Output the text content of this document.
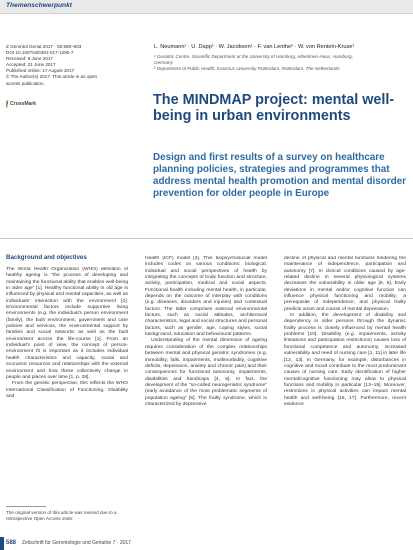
Themenschwerpunkt
Z Gerontol Geriat 2017 · 50:588–603
DOI 10.1007/s00391-017-1290-7
Received: 9 June 2017
Accepted: 21 June 2017
Published online: 17 August 2017
© The Author(s) 2017. This article is an open
access publication.
CrossMark
L. Neumann¹ · U. Dapp¹ · W. Jacobsen¹ · F. van Lenthe² · W. von Renteln-Kruse¹
¹ Geriatric Centre, Scientific Department at the University of Hamburg, Albertinen-Haus, Hamburg,
Germany
² Department of Public Health, Erasmus University Rotterdam, Rotterdam, The Netherlands
The MINDMAP project: mental well-being in urban environments
Design and first results of a survey on healthcare planning policies, strategies and programmes that address mental health promotion and mental disorder prevention for older people in Europe
Background and objectives

The World Health Organization (WHO) definition of healthy ageing is "the process of developing and maintaining the functional ability that enables well-being in older age" [1]. Healthy functional ability in old age is influenced by physical and mental capacities, as well as individuals' interaction with the environment [2]. Environmental factors include supportive living environments (e.g. the individual's person environment (family), the built environment, government and care policies and services, the environmental support by families and social networks as well as the built environment across the life-course [1]. From an individual's point of view, the concept of person-environment fit is important as it includes individual health characteristics and capacity, social and economic resources and relationships with the external environment and how these collectively change in people and places over time [1, p. 28].

From the genetic perspective, this reflects the WHO International Classification of Functioning, Disability and

The original version of this article was revised due to a retrospective Open Access order.

Health (ICF) model [3]. This biopsychosocial model includes codes on various conditions: biological, individual and social perspectives of health by integrating the concepts of body function and structure, activity, participation, medical and social aspects. Functional health including mental health, in particular, depends on the outcome of interplay with conditions (e.g. diseases, disorders and injuries) and contextual factors. The latter comprises external environmental factors, such as social attitudes, architectural characteristics, legal and social structures and personal factors, such as gender, age, coping styles, social background, education and behavioural patterns.

Understanding of the mental dimension of ageing requires consideration of the complex relationships between mental and physical geriatric syndromes (e.g. immobility, falls, impairments, multimorbidity, cognitive deficits, depression, anxiety and chronic pain) and their consequences for functional autonomy, impairments, disabilities and handicaps [4, 5]. In fact, the development of the "so-called neurogeriatric syndrome" (early avoidance of the most problematic segments of population ageing" [6]. The frailty syndrome, which is characterized by depressive

decline of physical and mental functions hindering the maintenance of independence, participation and autonomy [7]. In clinical conditions caused by age-related decline in several physiological systems decreases the vulnerability in older age [8, 9]. Early deviations in mental and/or cognitive function can influence physical functioning and mobility, a prerequisite of independence, and physical frailty predicts onset and course of mental depression.

In addition, the development of disability and dependency in older persons through the dynamic frailty process is closely influenced by mental health problems [10]. Disability (e.g. impairments, activity limitations and participation restrictions) causes loss of functional competence and autonomy, increased vulnerability and need of nursing care [1, 11] in later life [12, 13]. In Germany, for example, disturbances in cognitive and mood contribute to the most predominant causes of nursing care. Early identification of higher mental/cognitive functioning may allow to physical functions and mobility in particular [13–15]. Moreover, restrictions in physical activities can impact mental health and well-being [16, 17]. Furthermore, recent evidence

588 Zeitschrift für Gerontologie und Geriatrie 7 · 2017
